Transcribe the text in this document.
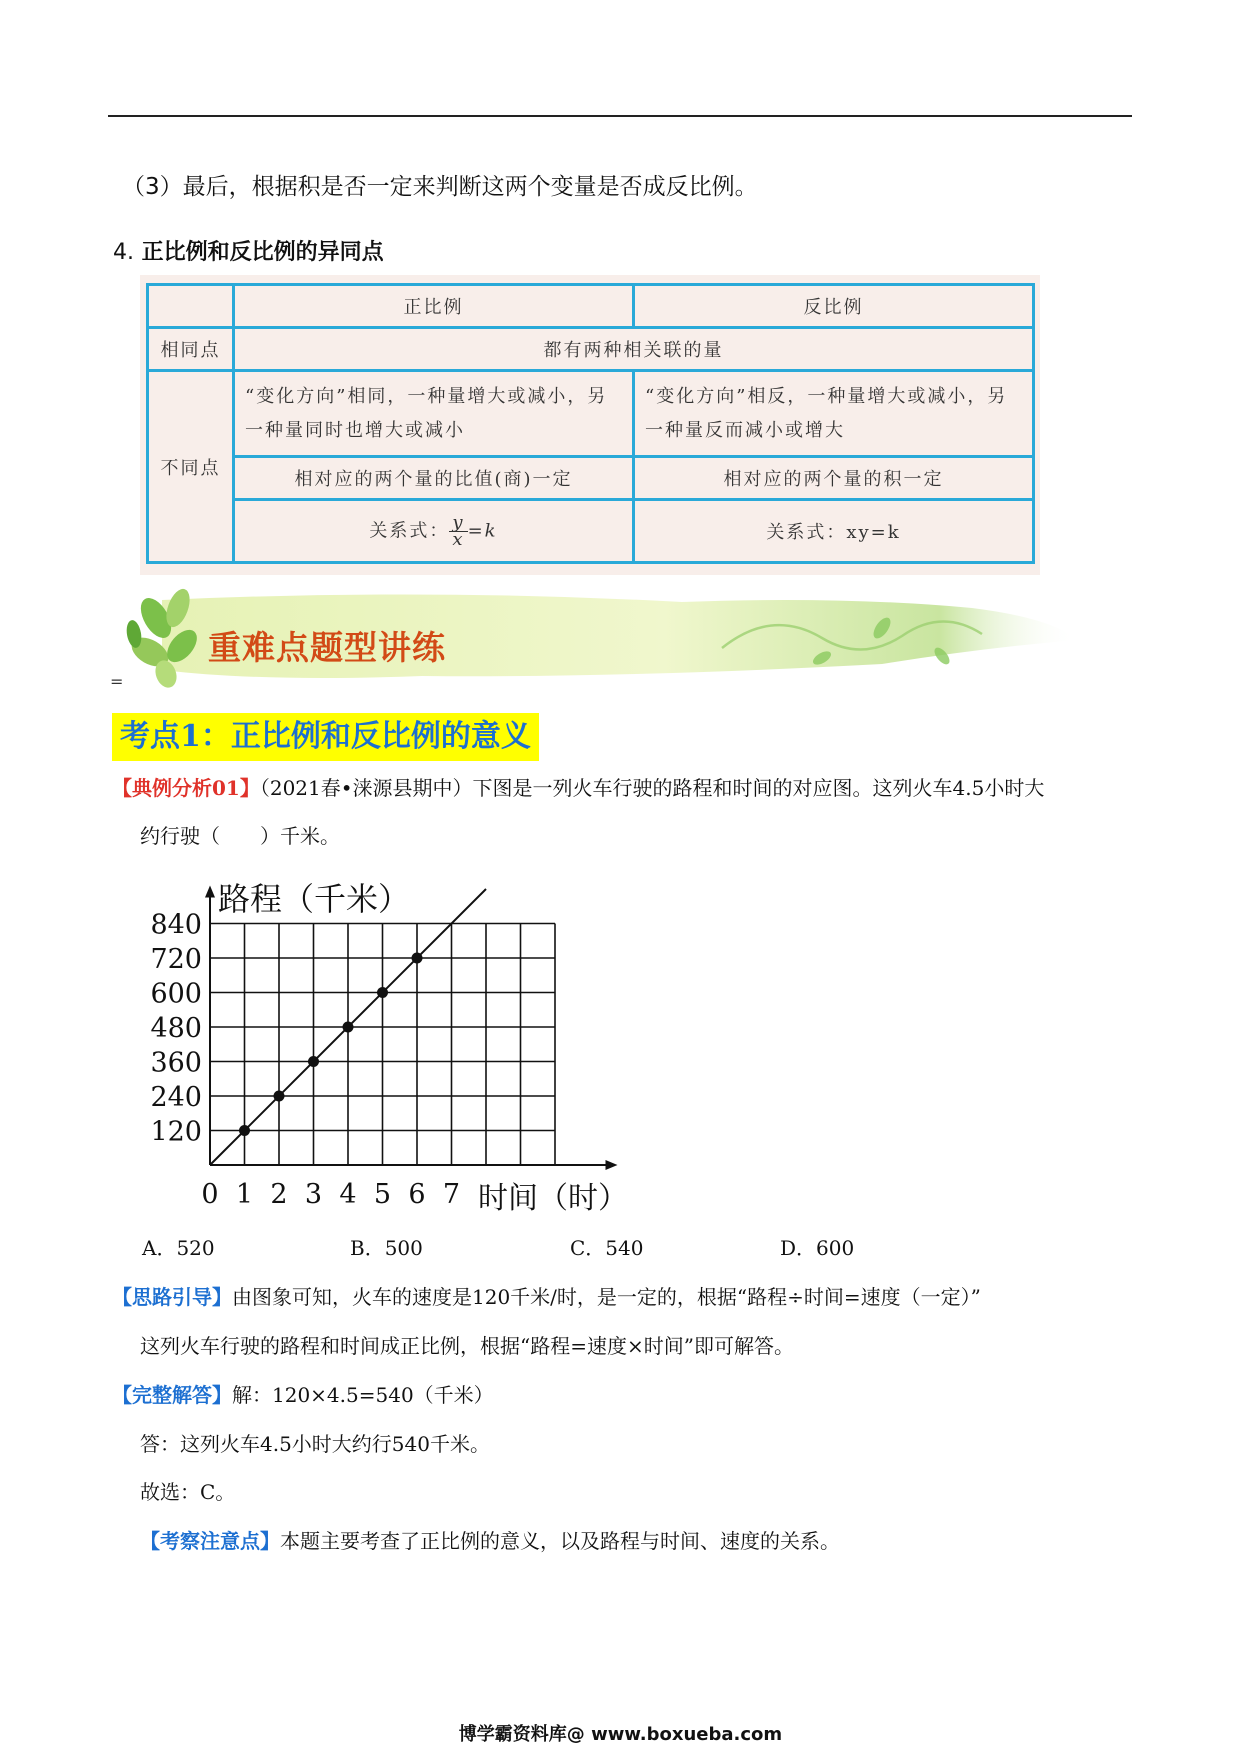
（3）最后，根据积是否一定来判断这两个变量是否成反比例。
4. 正比例和反比例的异同点
	正比例	反比例
相同点	都有两种相关联的量	
不同点	“变化方向”相同，一种量增大或减小，另一种量同时也增大或减小	“变化方向”相反，一种量增大或减小，另一种量反而减小或增大
	相对应的两个量的比值(商)一定	相对应的两个量的积一定
	关系式： $\frac{y}{x} =k$	关系式：xy=k
重难点题型讲练
=
考点1：正比例和反比例的意义
【典例分析01】（2021春•涞源县期中）下图是一列火车行驶的路程和时间的对应图。这列火车4.5小时大
约行驶（　　）千米。
120
240
360
480
600
720
840
0 1 2 3 4 5 6 7
路程（千米）
时间（时）
A．520	B．500	C．540	D．600
【思路引导】由图象可知，火车的速度是120千米/时，是一定的，根据“路程÷时间=速度（一定）”
这列火车行驶的路程和时间成正比例，根据“路程=速度×时间”即可解答。
【完整解答】解：120×4.5=540（千米）
答：这列火车4.5小时大约行540千米。
故选：C。
【考察注意点】本题主要考查了正比例的意义，以及路程与时间、速度的关系。
博学霸资料库@ www.boxueba.com
